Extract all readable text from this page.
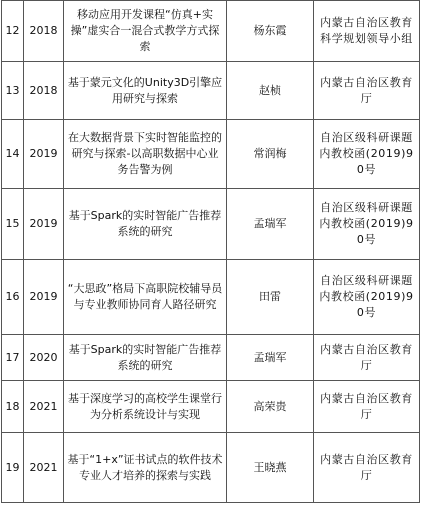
12	2018	移动应用开发课程“仿真+实操”虚实合一混合式教学方式探索	杨东霞	内蒙古自治区教育科学规划领导小组
13	2018	基于蒙元文化的Unity3D引擎应用研究与探索	赵桢	内蒙古自治区教育厅
14	2019	在大数据背景下实时智能监控的研究与探索-以高职数据中心业务告警为例	常润梅	自治区级科研课题内教校函(2019)90号
15	2019	基于Spark的实时智能广告推荐系统的研究	孟瑞军	自治区级科研课题内教校函(2019)90号
16	2019	“大思政”格局下高职院校辅导员与专业教师协同育人路径研究	田雷	自治区级科研课题内教校函(2019)90号
17	2020	基于Spark的实时智能广告推荐系统的研究	孟瑞军	内蒙古自治区教育厅
18	2021	基于深度学习的高校学生课堂行为分析系统设计与实现	高荣贵	内蒙古自治区教育厅
19	2021	基于“1+x”证书试点的软件技术专业人才培养的探索与实践	王晓燕	内蒙古自治区教育厅
